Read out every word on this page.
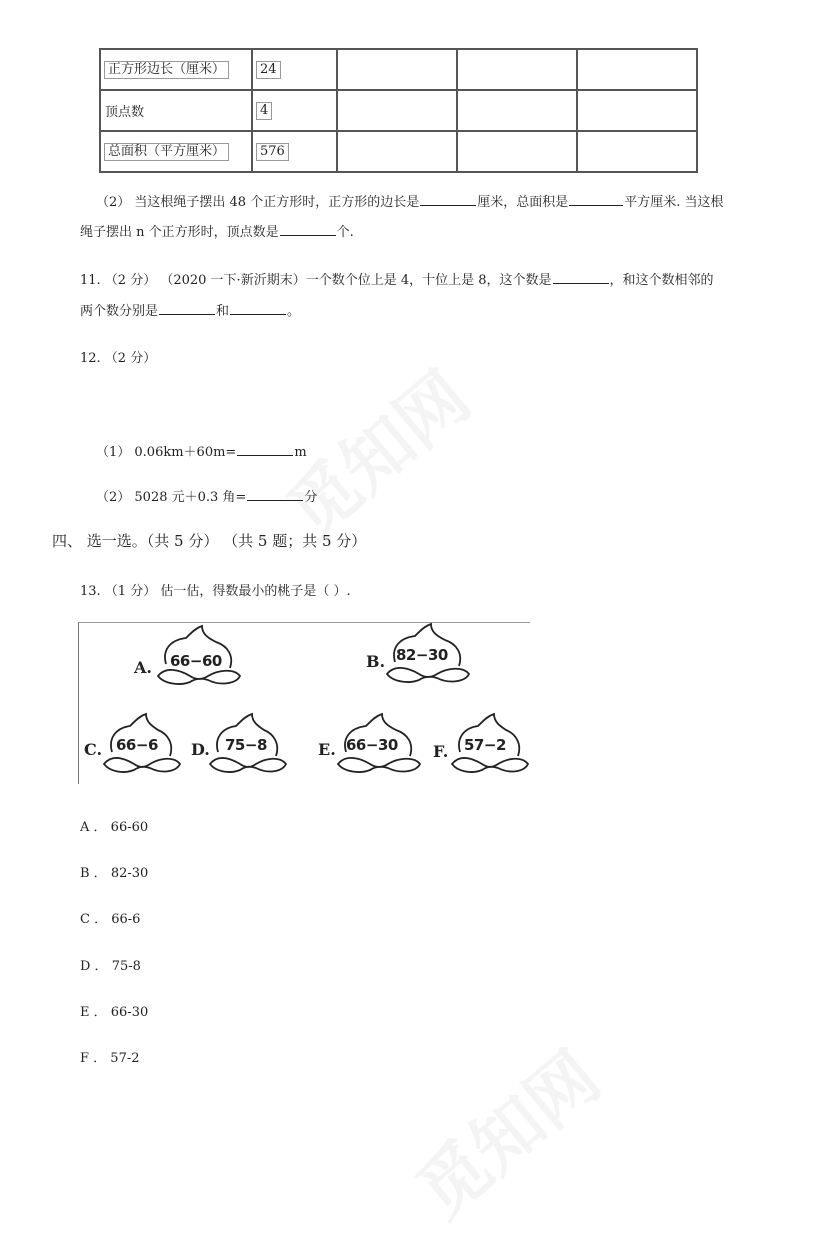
正方形边长（厘米）	24			
顶点数	4			
总面积（平方厘米）	576			
（2） 当这根绳子摆出 48 个正方形时，正方形的边长是	厘米，总面积是	平方厘米. 当这根
绳子摆出 n 个正方形时，顶点数是	个.
11. （2 分） （2020 一下·新沂期末）一个数个位上是 4，十位上是 8，这个数是	，和这个数相邻的
两个数分别是	和	。
12. （2 分）
（1） 0.06km＋60m=	m
（2） 5028 元＋0.3 角=	分
四、 选一选。（共 5 分） （共 5 题；共 5 分）
13. （1 分） 估一估，得数最小的桃子是（ ）.
A. 66−60	B. 82−30
C. 66−6 D. 75−8	E. 66−30 F. 57−2
A ． 66-60
B ． 82-30
C ． 66-6
D ． 75-8
E ． 66-30
F ． 57-2
